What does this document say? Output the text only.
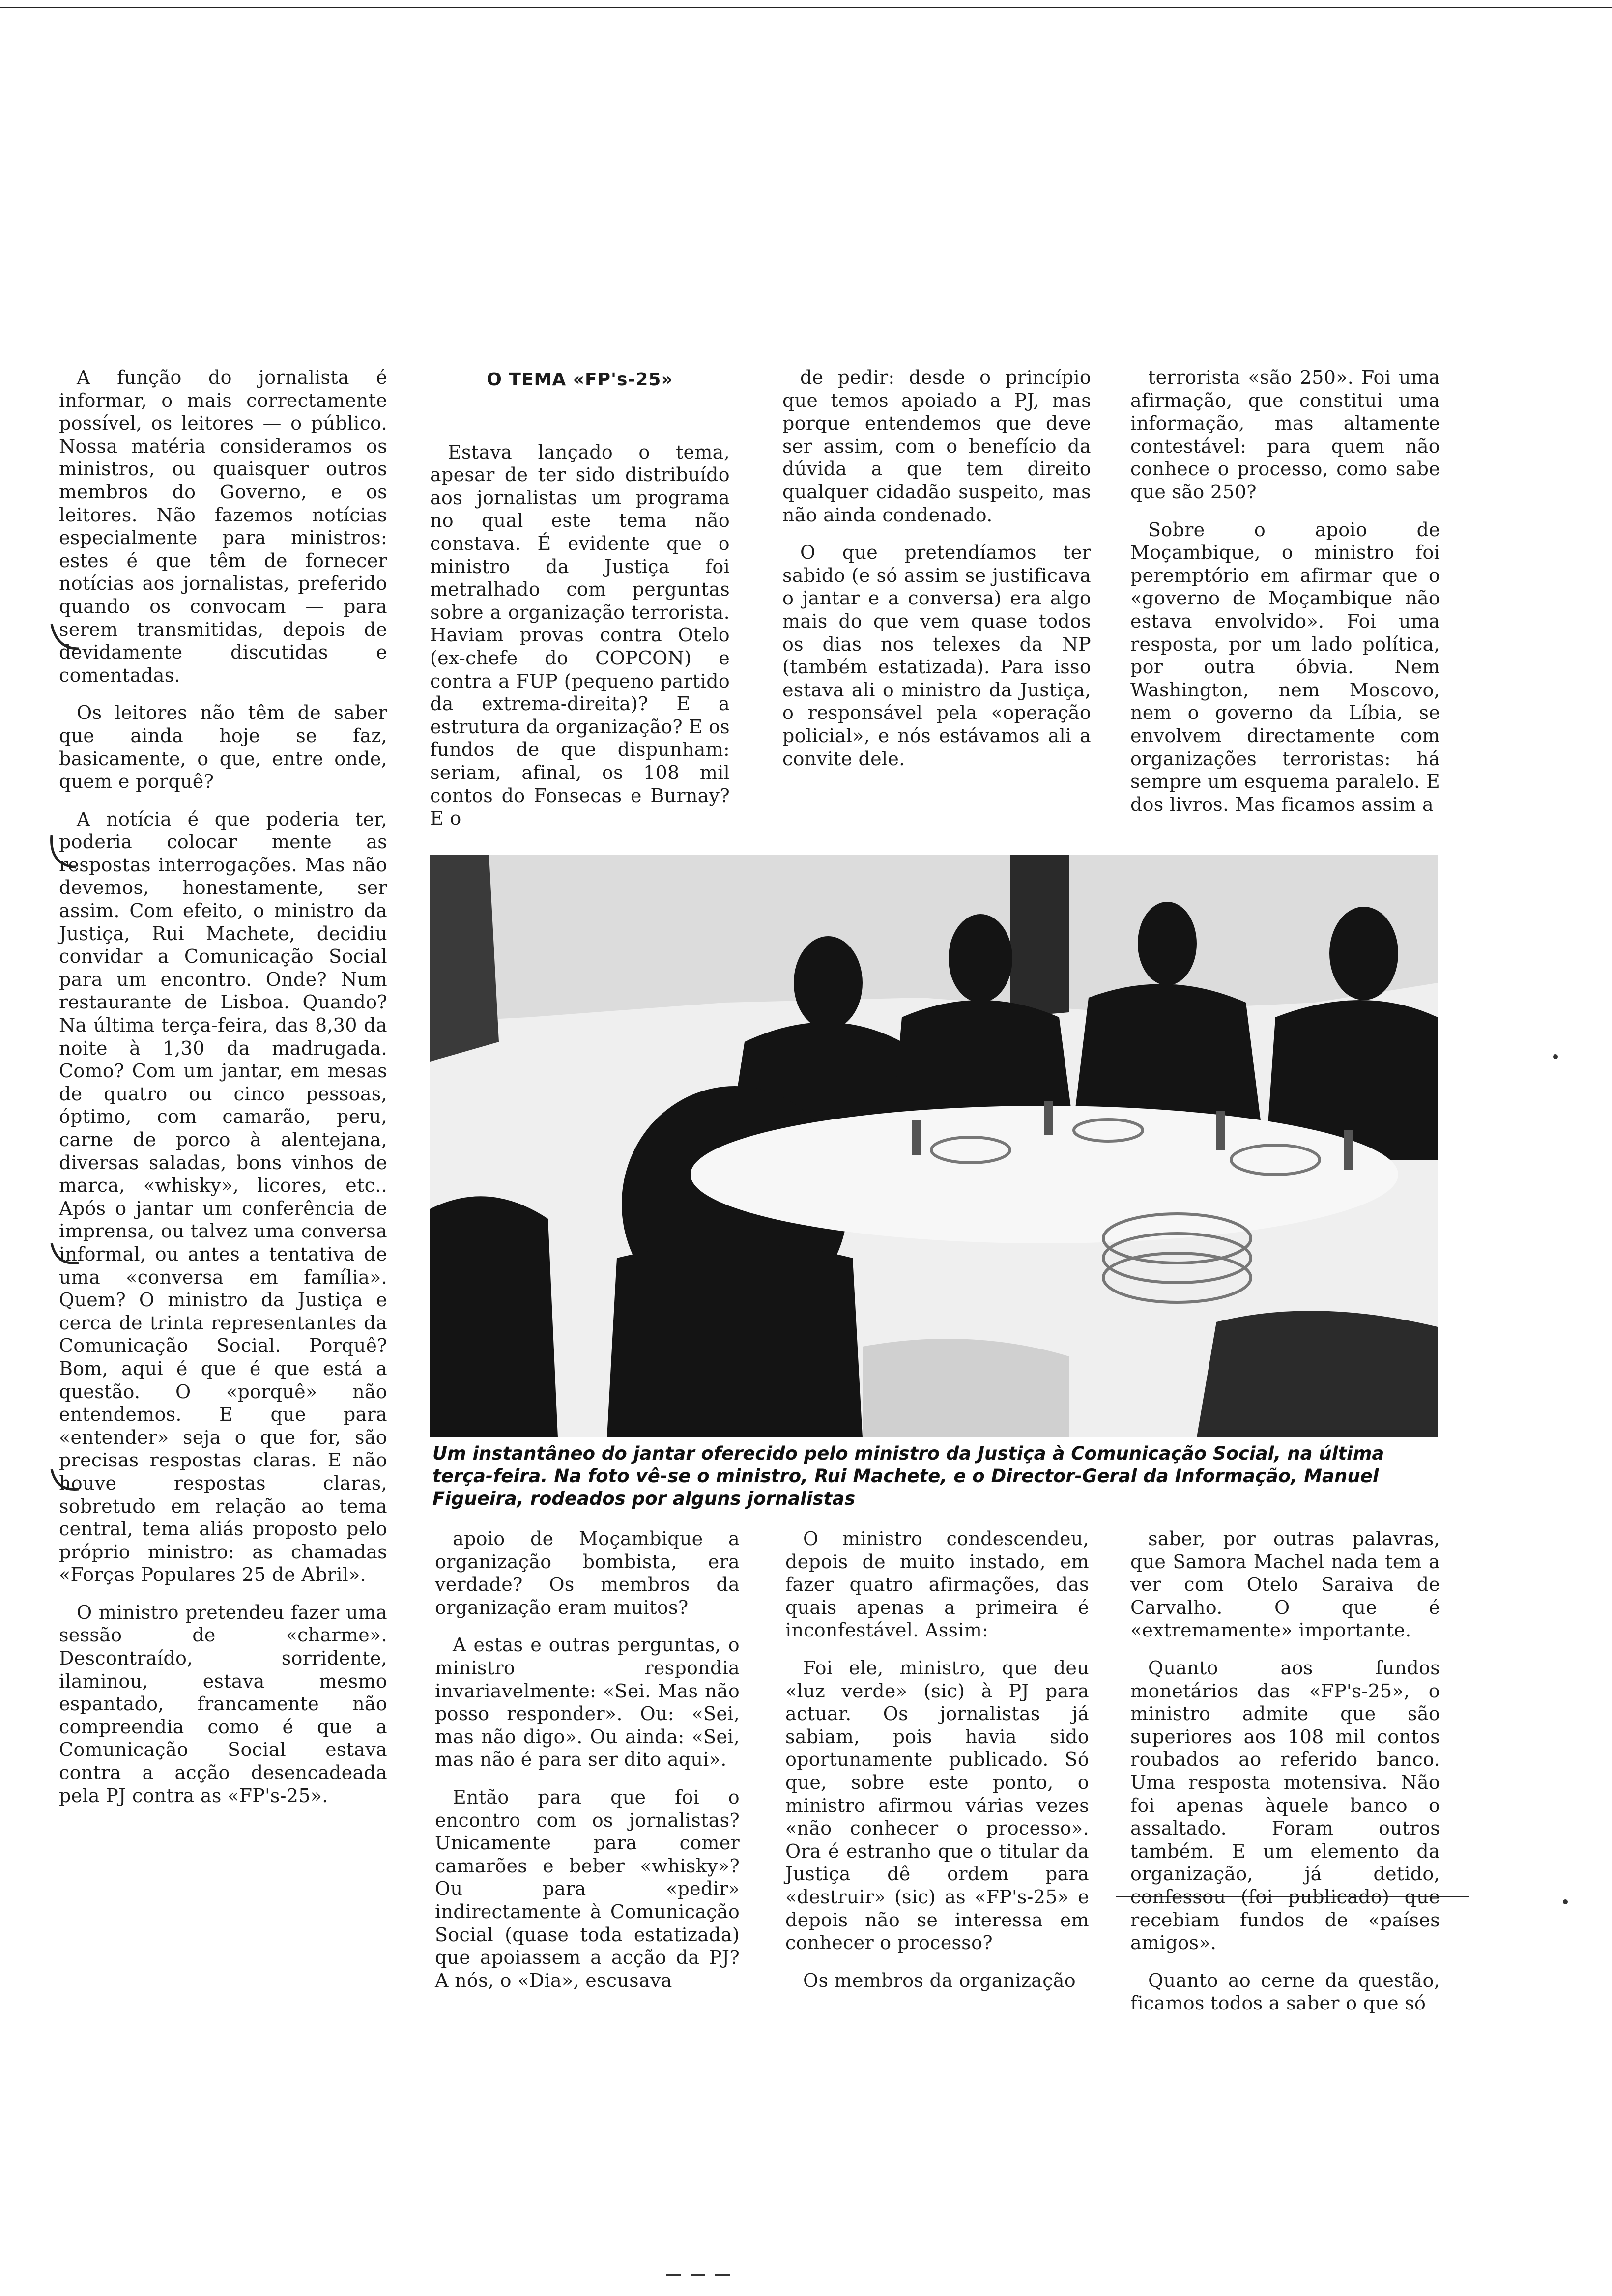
A função do jornalista é informar, o mais correctamente possível, os leitores — o público. Nossa matéria consideramos os ministros, ou quaisquer outros membros do Governo, e os leitores. Não fazemos notícias especialmente para ministros: estes é que têm de fornecer notícias aos jornalistas, preferido quando os convocam — para serem transmitidas, depois de devidamente discutidas e comentadas.

Os leitores não têm de saber que ainda hoje se faz, basicamente, o que, entre onde, quem e porquê?

A notícia é que poderia ter, poderia colocar mente as respostas interrogações. Mas não devemos, honestamente, ser assim. Com efeito, o ministro da Justiça, Rui Machete, decidiu convidar a Comunicação Social para um encontro. Onde? Num restaurante de Lisboa. Quando? Na última terça-feira, das 8,30 da noite à 1,30 da madrugada. Como? Com um jantar, em mesas de quatro ou cinco pessoas, óptimo, com camarão, peru, carne de porco à alentejana, diversas saladas, bons vinhos de marca, «whisky», licores, etc.. Após o jantar um conferência de imprensa, ou talvez uma conversa informal, ou antes a tentativa de uma «conversa em família». Quem? O ministro da Justiça e cerca de trinta representantes da Comunicação Social. Porquê? Bom, aqui é que é que está a questão. O «porquê» não entendemos. E que para «entender» seja o que for, são precisas respostas claras. E não houve respostas claras, sobretudo em relação ao tema central, tema aliás proposto pelo próprio ministro: as chamadas «Forças Populares 25 de Abril».

O ministro pretendeu fazer uma sessão de «charme». Descontraído, sorridente, ilaminou, estava mesmo espantado, francamente não compreendia como é que a Comunicação Social estava contra a acção desencadeada pela PJ contra as «FP's-25».

O TEMA «FP's-25»

Estava lançado o tema, apesar de ter sido distribuído aos jornalistas um programa no qual este tema não constava. É evidente que o ministro da Justiça foi metralhado com perguntas sobre a organização terrorista. Haviam provas contra Otelo (ex-chefe do COPCON) e contra a FUP (pequeno partido da extrema-direita)? E a estrutura da organização? E os fundos de que dispunham: seriam, afinal, os 108 mil contos do Fonsecas e Burnay? E o

de pedir: desde o princípio que temos apoiado a PJ, mas porque entendemos que deve ser assim, com o benefício da dúvida a que tem direito qualquer cidadão suspeito, mas não ainda condenado.

O que pretendíamos ter sabido (e só assim se justificava o jantar e a conversa) era algo mais do que vem quase todos os dias nos telexes da NP (também estatizada). Para isso estava ali o ministro da Justiça, o responsável pela «operação policial», e nós estávamos ali a convite dele.

terrorista «são 250». Foi uma afirmação, que constitui uma informação, mas altamente contestável: para quem não conhece o processo, como sabe que são 250?

Sobre o apoio de Moçambique, o ministro foi peremptório em afirmar que o «governo de Moçambique não estava envolvido». Foi uma resposta, por um lado política, por outra óbvia. Nem Washington, nem Moscovo, nem o governo da Líbia, se envolvem directamente com organizações terroristas: há sempre um esquema paralelo. E dos livros. Mas ficamos assim a

Um instantâneo do jantar oferecido pelo ministro da Justiça à Comunicação Social, na última terça-feira. Na foto vê-se o ministro, Rui Machete, e o Director-Geral da Informação, Manuel Figueira, rodeados por alguns jornalistas

apoio de Moçambique a organização bombista, era verdade? Os membros da organização eram muitos?

A estas e outras perguntas, o ministro respondia invariavelmente: «Sei. Mas não posso responder». Ou: «Sei, mas não digo». Ou ainda: «Sei, mas não é para ser dito aqui».

Então para que foi o encontro com os jornalistas? Unicamente para comer camarões e beber «whisky»? Ou para «pedir» indirectamente à Comunicação Social (quase toda estatizada) que apoiassem a acção da PJ? A nós, o «Dia», escusava

O ministro condescendeu, depois de muito instado, em fazer quatro afirmações, das quais apenas a primeira é inconfestável. Assim:

Foi ele, ministro, que deu «luz verde» (sic) à PJ para actuar. Os jornalistas já sabiam, pois havia sido oportunamente publicado. Só que, sobre este ponto, o ministro afirmou várias vezes «não conhecer o processo». Ora é estranho que o titular da Justiça dê ordem para «destruir» (sic) as «FP's-25» e depois não se interessa em conhecer o processo?

Os membros da organização

saber, por outras palavras, que Samora Machel nada tem a ver com Otelo Saraiva de Carvalho. O que é «extremamente» importante.

Quanto aos fundos monetários das «FP's-25», o ministro admite que são superiores aos 108 mil contos roubados ao referido banco. Uma resposta motensiva. Não foi apenas àquele banco o assaltado. Foram outros também. E um elemento da organização, já detido, confessou (foi publicado) que recebiam fundos de «países amigos».

Quanto ao cerne da questão, ficamos todos a saber o que só
